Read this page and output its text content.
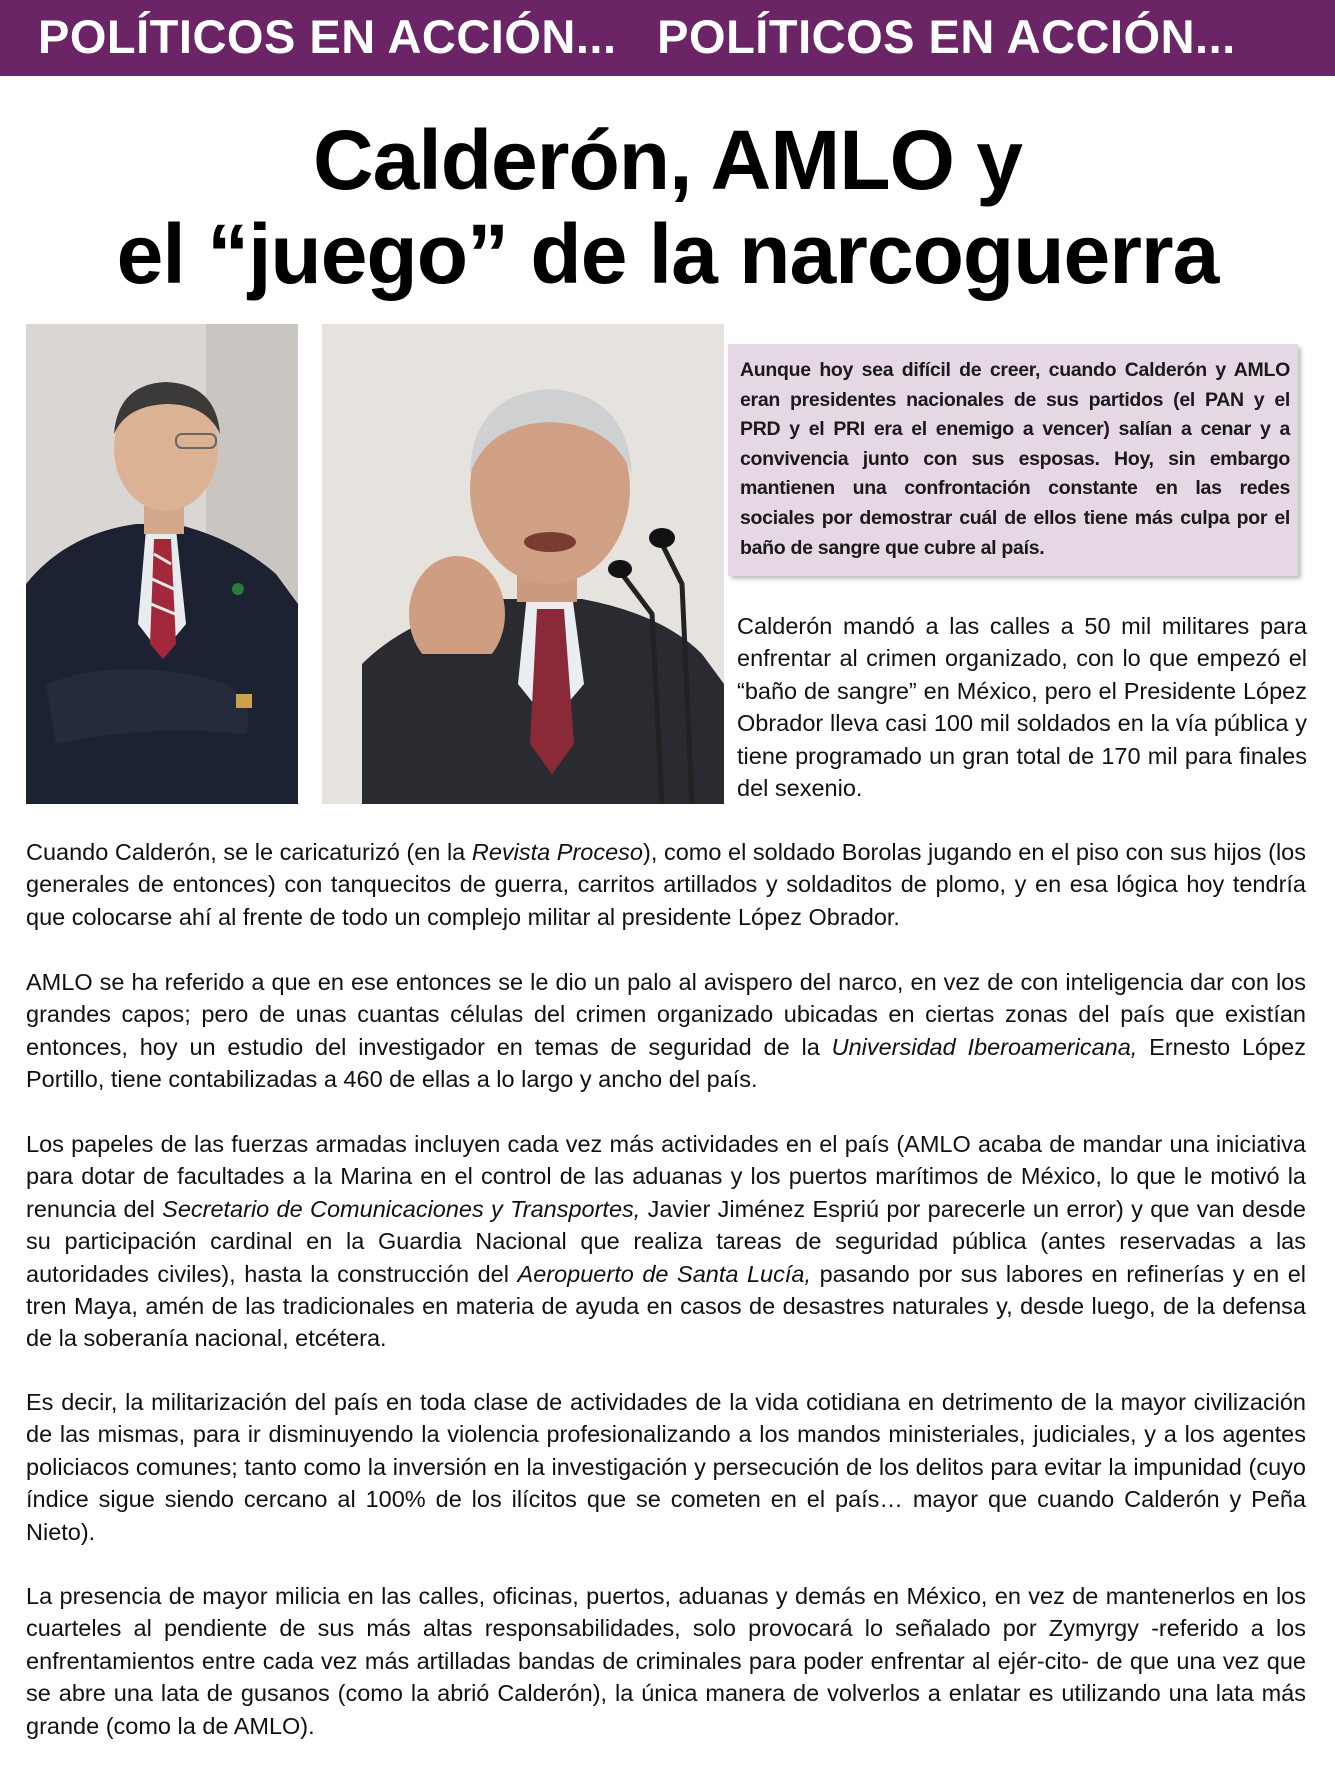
POLÍTICOS EN ACCIÓN...   POLÍTICOS EN ACCIÓN...
Calderón, AMLO y
el “juego” de la narcoguerra
Aunque hoy sea difícil de creer, cuando Calderón y AMLO eran presidentes nacionales de sus partidos (el PAN y el PRD y el PRI era el enemigo a vencer) salían a cenar y a convivencia junto con sus esposas. Hoy, sin embargo mantienen una confrontación constante en las redes sociales por demostrar cuál de ellos tiene más culpa por el baño de sangre que cubre al país.
Calderón mandó a las calles a 50 mil militares para enfrentar al crimen organizado, con lo que empezó el “baño de sangre” en México, pero el Presidente López Obrador lleva casi 100 mil soldados en la vía pública y tiene programado un gran total de 170 mil para finales del sexenio.

Cuando Calderón, se le caricaturizó (en la Revista Proceso), como el soldado Borolas jugando en el piso con sus hijos (los generales de entonces) con tanquecitos de guerra, carritos artillados y soldaditos de plomo, y en esa lógica hoy tendría que colocarse ahí al frente de todo un complejo militar al presidente López Obrador.

AMLO se ha referido a que en ese entonces se le dio un palo al avispero del narco, en vez de con inteligencia dar con los grandes capos; pero de unas cuantas células del crimen organizado ubicadas en ciertas zonas del país que existían entonces, hoy un estudio del investigador en temas de seguridad de la Universidad Iberoamericana, Ernesto López Portillo, tiene contabilizadas a 460 de ellas a lo largo y ancho del país.

Los papeles de las fuerzas armadas incluyen cada vez más actividades en el país (AMLO acaba de mandar una iniciativa para dotar de facultades a la Marina en el control de las aduanas y los puertos marítimos de México, lo que le motivó la renuncia del Secretario de Comunicaciones y Transportes, Javier Jiménez Espriú por parecerle un error) y que van desde su participación cardinal en la Guardia Nacional que realiza tareas de seguridad pública (antes reservadas a las autoridades civiles), hasta la construcción del Aeropuerto de Santa Lucía, pasando por sus labores en refinerías y en el tren Maya, amén de las tradicionales en materia de ayuda en casos de desastres naturales y, desde luego, de la defensa de la soberanía nacional, etcétera.

Es decir, la militarización del país en toda clase de actividades de la vida cotidiana en detrimento de la mayor civilización de las mismas, para ir disminuyendo la violencia profesionalizando a los mandos ministeriales, judiciales, y a los agentes policiacos comunes; tanto como la inversión en la investigación y persecución de los delitos para evitar la impunidad (cuyo índice sigue siendo cercano al 100% de los ilícitos que se cometen en el país… mayor que cuando Calderón y Peña Nieto).

La presencia de mayor milicia en las calles, oficinas, puertos, aduanas y demás en México, en vez de mantenerlos en los cuarteles al pendiente de sus más altas responsabilidades, solo provocará lo señalado por Zymyrgy -referido a los enfrentamientos entre cada vez más artilladas bandas de criminales para poder enfrentar al ejér-cito- de que una vez que se abre una lata de gusanos (como la abrió Calderón), la única manera de volverlos a enlatar es utilizando una lata más grande (como la de AMLO).
